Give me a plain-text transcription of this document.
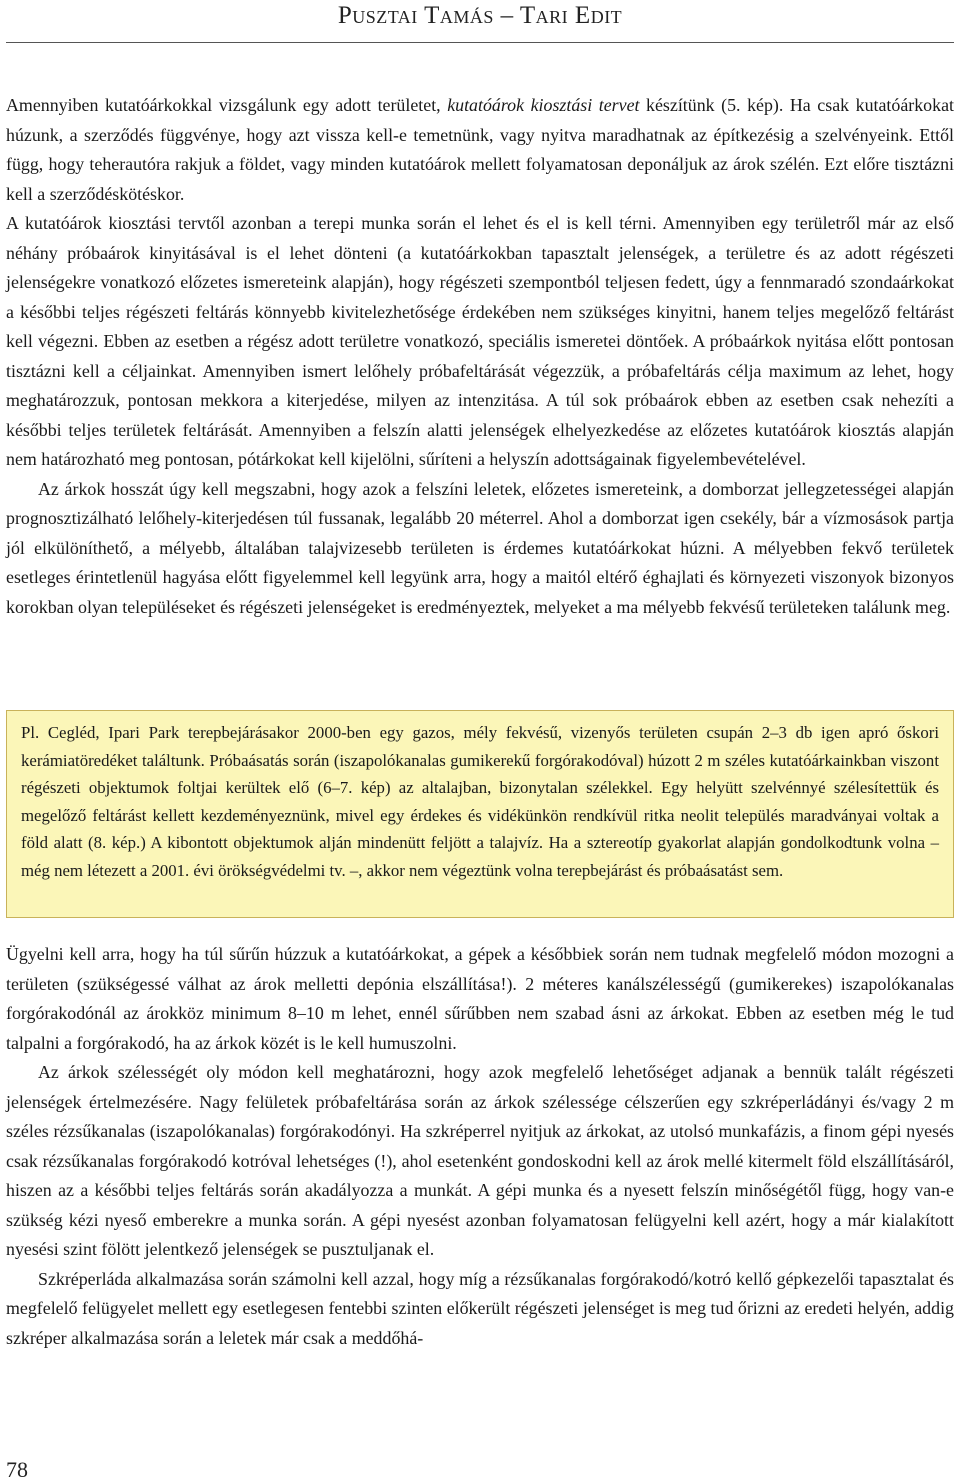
Pusztai Tamás – Tari Edit

Amennyiben kutatóárkokkal vizsgálunk egy adott területet, kutatóárok kiosztási tervet készítünk (5. kép). Ha csak kutatóárkokat húzunk, a szerződés függvénye, hogy azt vissza kell-e temetnünk, vagy nyitva maradhatnak az építkezésig a szelvényeink. Ettől függ, hogy teherautóra rakjuk a földet, vagy minden kutatóárok mellett folyamatosan deponáljuk az árok szélén. Ezt előre tisztázni kell a szerződéskötéskor.

A kutatóárok kiosztási tervtől azonban a terepi munka során el lehet és el is kell térni. Amennyiben egy területről már az első néhány próbaárok kinyitásával is el lehet dönteni (a kutatóárkokban tapasztalt jelenségek, a területre és az adott régészeti jelenségekre vonatkozó előzetes ismereteink alapján), hogy régészeti szempontból teljesen fedett, úgy a fennmaradó szondaárkokat a későbbi teljes régészeti feltárás könnyebb kivitelezhetősége érdekében nem szükséges kinyitni, hanem teljes megelőző feltárást kell végezni. Ebben az esetben a régész adott területre vonatkozó, speciális ismeretei döntőek. A próbaárkok nyitása előtt pontosan tisztázni kell a céljainkat. Amennyiben ismert lelőhely próbafeltárását végezzük, a próbafeltárás célja maximum az lehet, hogy meghatározzuk, pontosan mekkora a kiterjedése, milyen az intenzitása. A túl sok próbaárok ebben az esetben csak nehezíti a későbbi teljes területek feltárását. Amennyiben a felszín alatti jelenségek elhelyezkedése az előzetes kutatóárok kiosztás alapján nem határozható meg pontosan, pótárkokat kell kijelölni, sűríteni a helyszín adottságainak figyelembevételével.

Az árkok hosszát úgy kell megszabni, hogy azok a felszíni leletek, előzetes ismereteink, a domborzat jellegzetességei alapján prognosztizálható lelőhely-kiterjedésen túl fussanak, legalább 20 méterrel. Ahol a domborzat igen csekély, bár a vízmosások partja jól elkülöníthető, a mélyebb, általában talajvizesebb területen is érdemes kutatóárkokat húzni. A mélyebben fekvő területek esetleges érintetlenül hagyása előtt figyelemmel kell legyünk arra, hogy a maitól eltérő éghajlati és környezeti viszonyok bizonyos korokban olyan településeket és régészeti jelenségeket is eredményeztek, melyeket a ma mélyebb fekvésű területeken találunk meg.

Pl. Cegléd, Ipari Park terepbejárásakor 2000-ben egy gazos, mély fekvésű, vizenyős területen csupán 2–3 db igen apró őskori kerámiatöredéket találtunk. Próbaásatás során (iszapolókanalas gumikerekű forgórakodóval) húzott 2 m széles kutatóárkainkban viszont régészeti objektumok foltjai kerültek elő (6–7. kép) az altalajban, bizonytalan szélekkel. Egy helyütt szelvénnyé szélesítettük és megelőző feltárást kellett kezdeményeznünk, mivel egy érdekes és vidékünkön rendkívül ritka neolit település maradványai voltak a föld alatt (8. kép.) A kibontott objektumok alján mindenütt feljött a talajvíz. Ha a sztereotíp gyakorlat alapján gondolkodtunk volna – még nem létezett a 2001. évi örökségvédelmi tv. –, akkor nem végeztünk volna terepbejárást és próbaásatást sem.

Ügyelni kell arra, hogy ha túl sűrűn húzzuk a kutatóárkokat, a gépek a későbbiek során nem tudnak megfelelő módon mozogni a területen (szükségessé válhat az árok melletti depónia elszállítása!). 2 méteres kanálszélességű (gumikerekes) iszapolókanalas forgórakodónál az árokköz minimum 8–10 m lehet, ennél sűrűbben nem szabad ásni az árkokat. Ebben az esetben még le tud talpalni a forgórakodó, ha az árkok közét is le kell humuszolni.

Az árkok szélességét oly módon kell meghatározni, hogy azok megfelelő lehetőséget adjanak a bennük talált régészeti jelenségek értelmezésére. Nagy felületek próbafeltárása során az árkok szélessége célszerűen egy szkréperládányi és/vagy 2 m széles rézsűkanalas (iszapolókanalas) forgórakodónyi. Ha szkréperrel nyitjuk az árkokat, az utolsó munkafázis, a finom gépi nyesés csak rézsűkanalas forgórakodó kotróval lehetséges (!), ahol esetenként gondoskodni kell az árok mellé kitermelt föld elszállításáról, hiszen az a későbbi teljes feltárás során akadályozza a munkát. A gépi munka és a nyesett felszín minőségétől függ, hogy van-e szükség kézi nyeső emberekre a munka során. A gépi nyesést azonban folyamatosan felügyelni kell azért, hogy a már kialakított nyesési szint fölött jelentkező jelenségek se pusztuljanak el.

Szkréperláda alkalmazása során számolni kell azzal, hogy míg a rézsűkanalas forgórakodó/kotró kellő gépkezelői tapasztalat és megfelelő felügyelet mellett egy esetlegesen fentebbi szinten előkerült régészeti jelenséget is meg tud őrizni az eredeti helyén, addig szkréper alkalmazása során a leletek már csak a meddőhá-

78
